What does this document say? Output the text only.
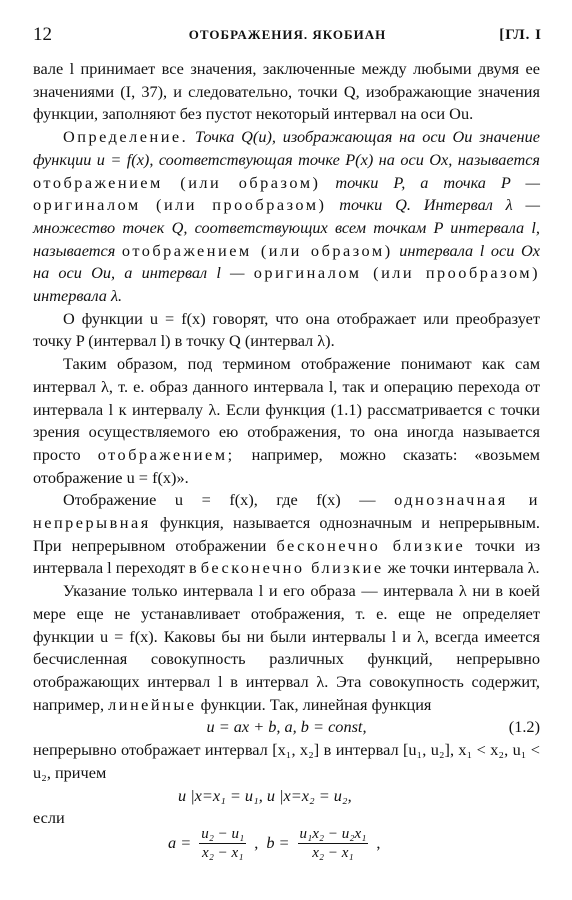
12	ОТОБРАЖЕНИЯ. ЯКОБИАН	[ГЛ. I

вале l принимает все значения, заключенные между любыми двумя ее значениями (I, 37), и следовательно, точки Q, изображающие значения функции, заполняют без пустот некоторый интервал на оси Ou.

Определение. Точка Q(u), изображающая на оси Ou значение функции u = f(x), соответствующая точке P(x) на оси Ox, называется отображением (или образом) точки P, а точка P — оригиналом (или прообразом) точки Q. Интервал λ — множество точек Q, соответствующих всем точкам P интервала l, называется отображением (или образом) интервала l оси Ox на оси Ou, а интервал l — оригиналом (или прообразом) интервала λ.

О функции u = f(x) говорят, что она отображает или преобразует точку P (интервал l) в точку Q (интервал λ).

Таким образом, под термином отображение понимают как сам интервал λ, т. е. образ данного интервала l, так и операцию перехода от интервала l к интервалу λ. Если функция (1.1) рассматривается с точки зрения осуществляемого ею отображения, то она иногда называется просто отображением; например, можно сказать: «возьмем отображение u = f(x)».

Отображение u = f(x), где f(x) — однозначная и непрерывная функция, называется однозначным и непрерывным. При непрерывном отображении бесконечно близкие точки из интервала l переходят в бесконечно близкие же точки интервала λ.

Указание только интервала l и его образа — интервала λ ни в коей мере еще не устанавливает отображения, т. е. еще не определяет функции u = f(x). Каковы бы ни были интервалы l и λ, всегда имеется бесчисленная совокупность различных функций, непрерывно отображающих интервал l в интервал λ. Эта совокупность содержит, например, линейные функции. Так, линейная функция

u = ax + b, a, b = const,	(1.2)

непрерывно отображает интервал [x₁, x₂] в интервал [u₁, u₂], x₁ < x₂, u₁ < u₂, причем

если
u |x=x₁ = u₁, u |x=x₂ = u₂,
$a = \frac{\text{u₂ − u₁}}{\text{x₂ − x₁}}$ , $b = \frac{\text{u₁x₂ − u₂x₁}}{\text{x₂ − x₁}}$ ,
